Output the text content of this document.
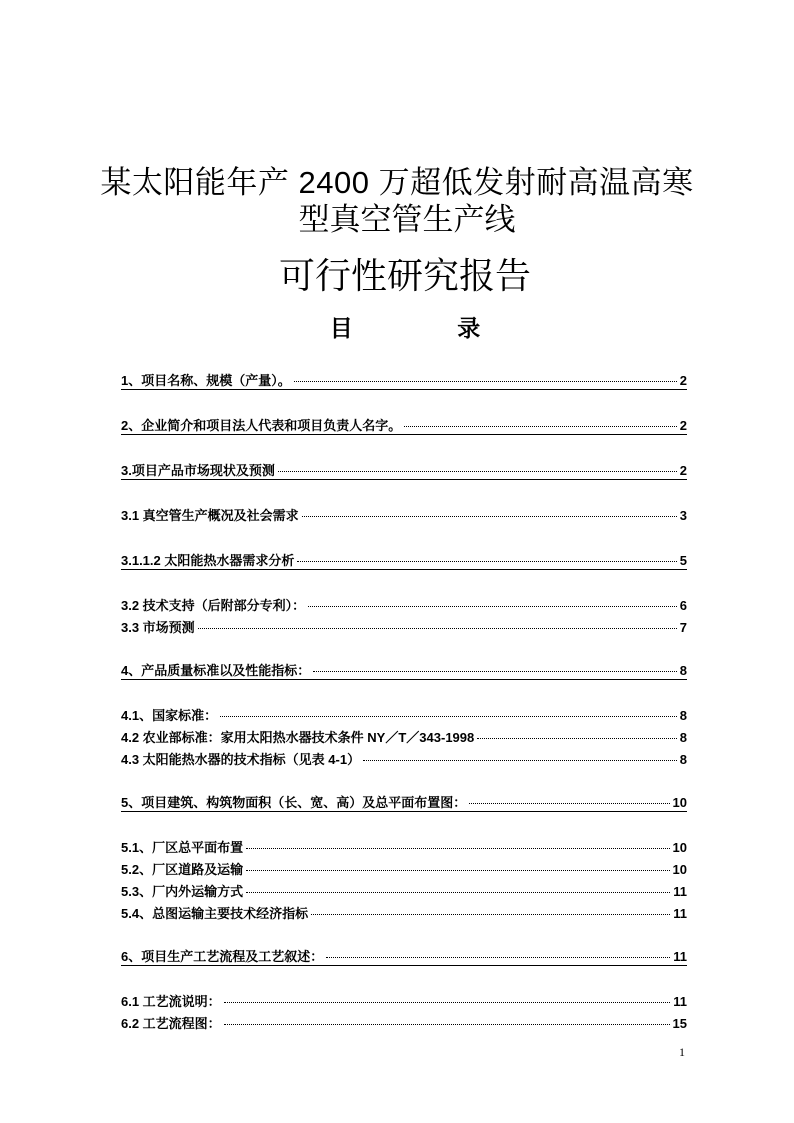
某太阳能年产 2400 万超低发射耐高温高寒
型真空管生产线
可行性研究报告
目	录
1、项目名称、规模（产量）。	2
2、企业简介和项目法人代表和项目负责人名字。	2
3.项目产品市场现状及预测	2
3.1 真空管生产概况及社会需求	3
3.1.1.2 太阳能热水器需求分析	5
3.2 技术支持（后附部分专利）：	6
3.3 市场预测	7
4、产品质量标准以及性能指标：	8
4.1、国家标准：	8
4.2 农业部标准：家用太阳热水器技术条件 NY／T／343-1998	8
4.3 太阳能热水器的技术指标（见表 4-1）	8
5、项目建筑、构筑物面积（长、宽、高）及总平面布置图：	10
5.1、厂区总平面布置	10
5.2、厂区道路及运输	10
5.3、厂内外运输方式	11
5.4、总图运输主要技术经济指标	11
6、项目生产工艺流程及工艺叙述：	11
6.1 工艺流说明：	11
6.2 工艺流程图：	15
1
